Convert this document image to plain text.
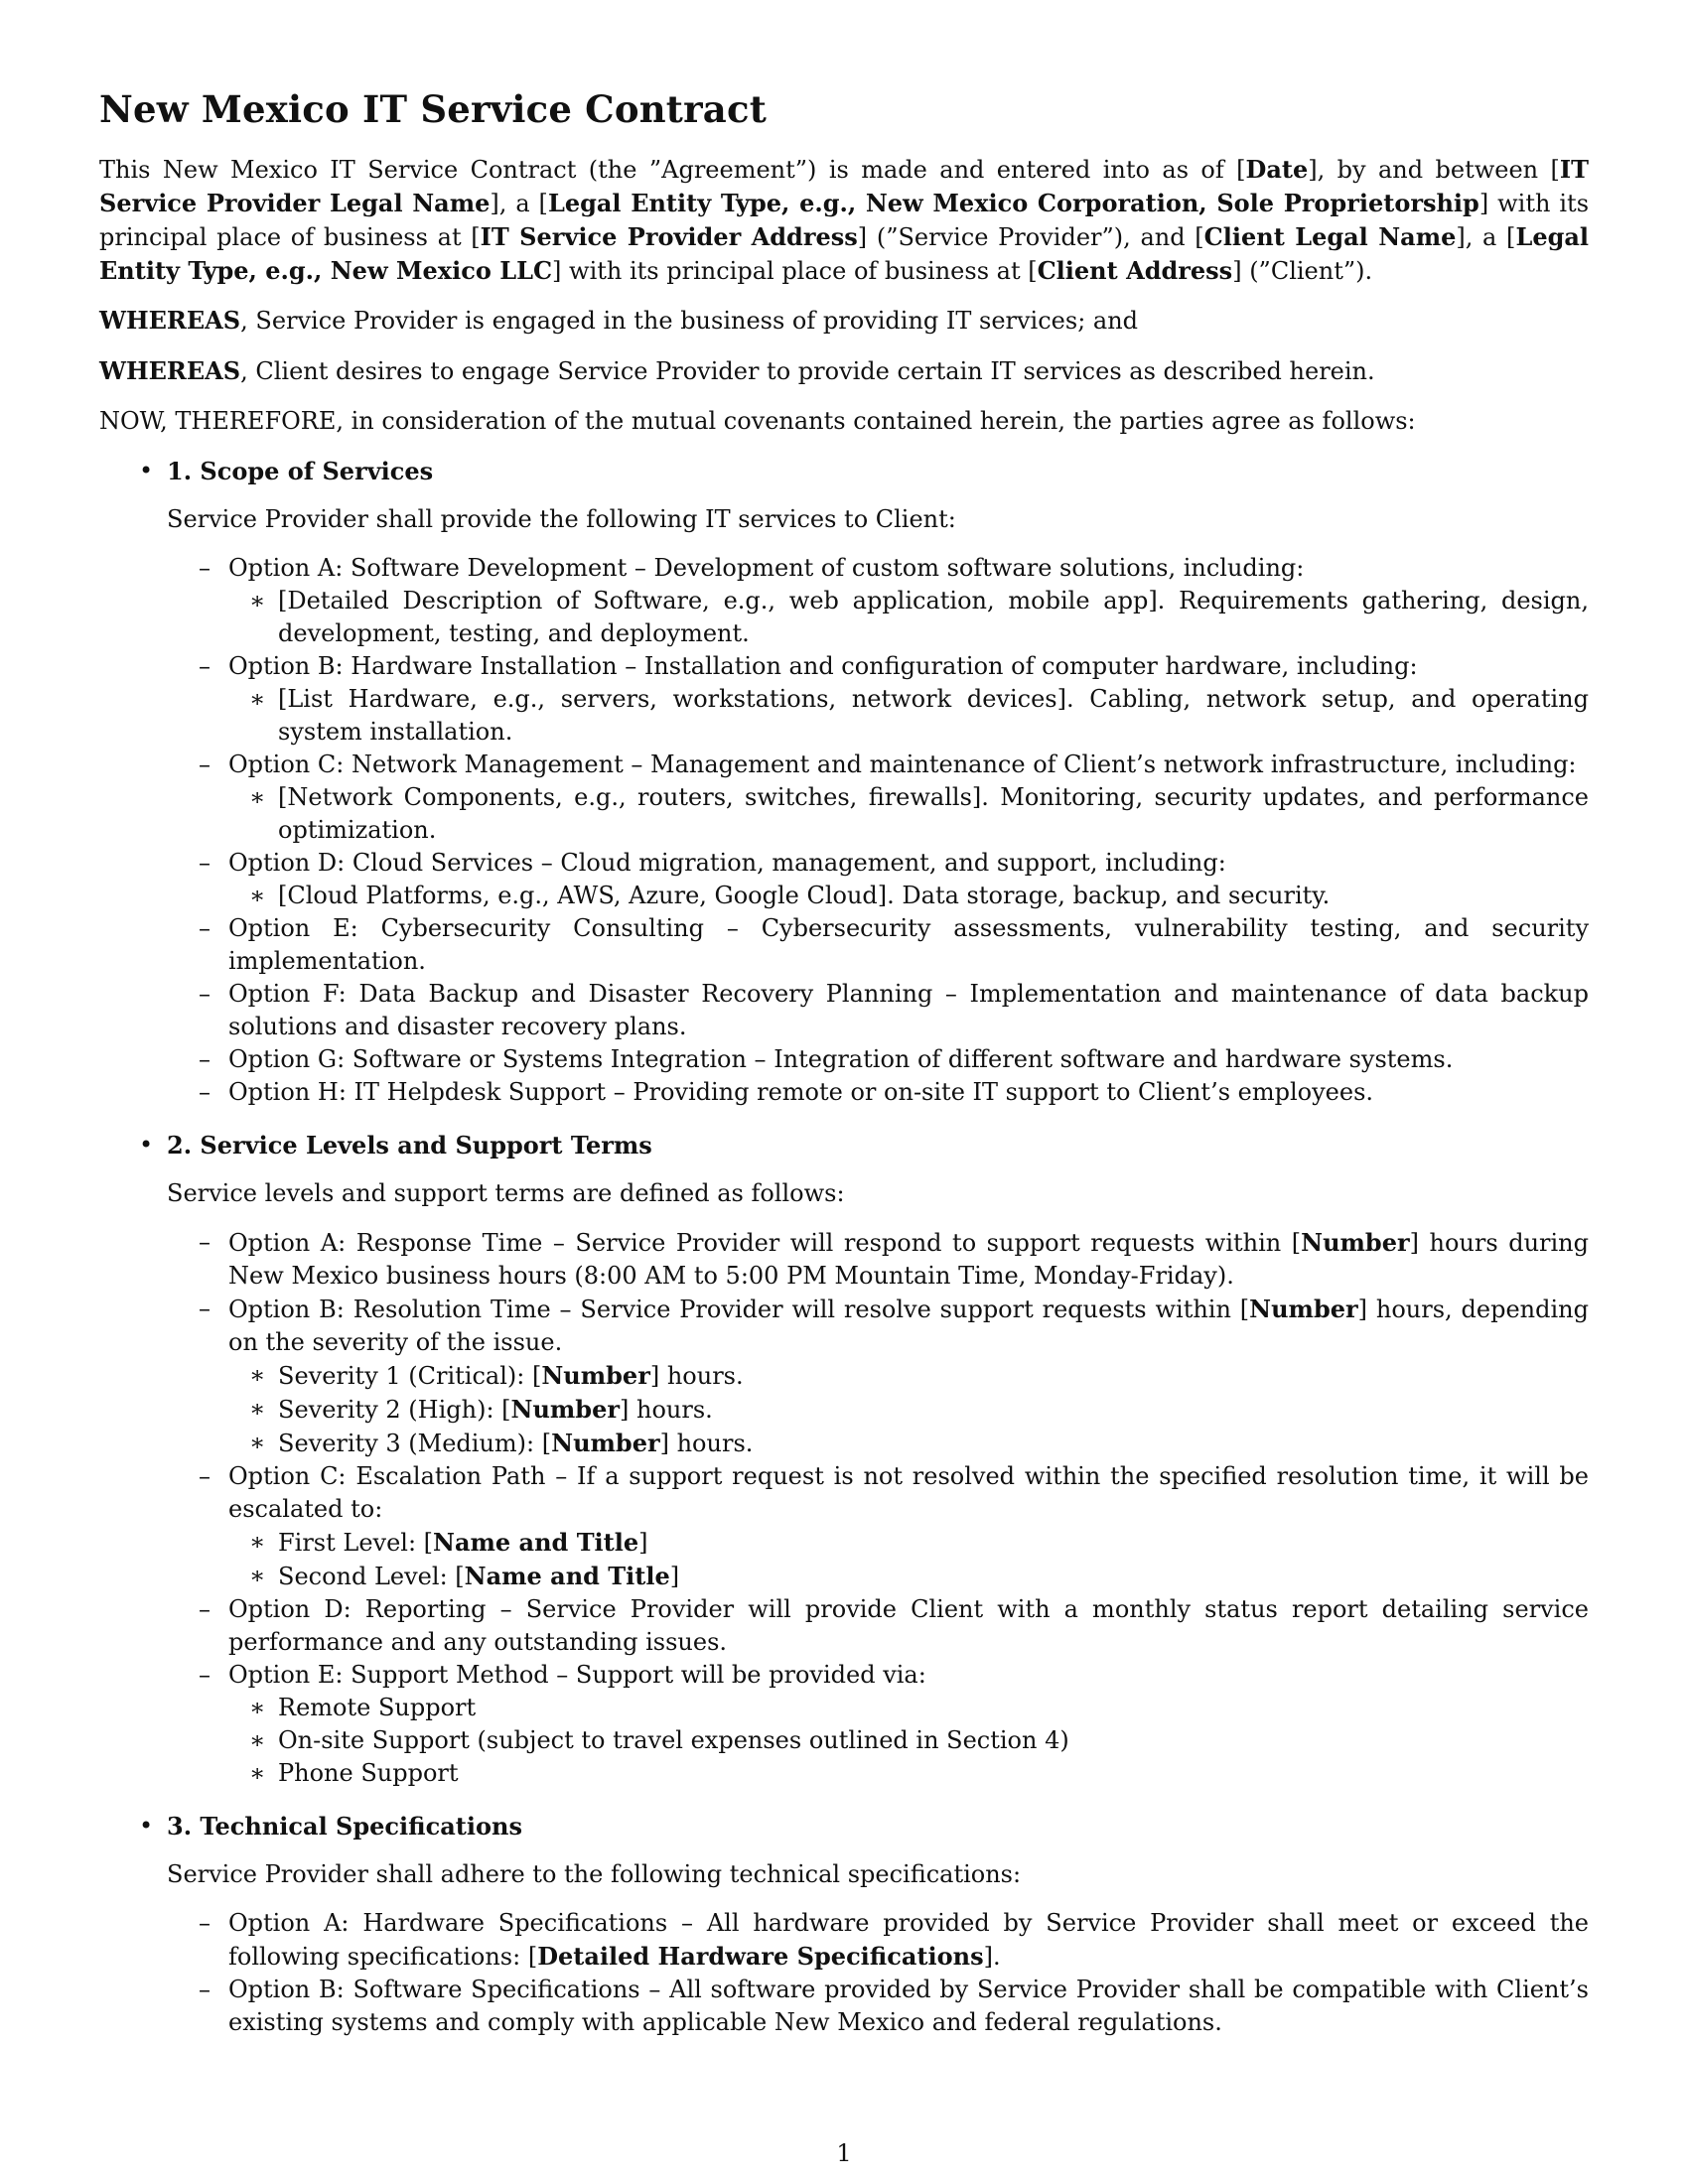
New Mexico IT Service Contract

This New Mexico IT Service Contract (the ”Agreement”) is made and entered into as of [Date], by and between [IT Service Provider Legal Name], a [Legal Entity Type, e.g., New Mexico Corporation, Sole Proprietorship] with its principal place of business at [IT Service Provider Address] (”Service Provider”), and [Client Legal Name], a [Legal Entity Type, e.g., New Mexico LLC] with its principal place of business at [Client Address] (”Client”).

WHEREAS, Service Provider is engaged in the business of providing IT services; and

WHEREAS, Client desires to engage Service Provider to provide certain IT services as described herein.

NOW, THEREFORE, in consideration of the mutual covenants contained herein, the parties agree as follows:

• 1. Scope of Services
Service Provider shall provide the following IT services to Client:
– Option A: Software Development – Development of custom software solutions, including:
∗ [Detailed Description of Software, e.g., web application, mobile app]. Requirements gathering, design, development, testing, and deployment.
– Option B: Hardware Installation – Installation and configuration of computer hardware, including:
∗ [List Hardware, e.g., servers, workstations, network devices]. Cabling, network setup, and operating system installation.
– Option C: Network Management – Management and maintenance of Client’s network infrastructure, including:
∗ [Network Components, e.g., routers, switches, firewalls]. Monitoring, security updates, and performance optimization.
– Option D: Cloud Services – Cloud migration, management, and support, including:
∗ [Cloud Platforms, e.g., AWS, Azure, Google Cloud]. Data storage, backup, and security.
– Option E: Cybersecurity Consulting – Cybersecurity assessments, vulnerability testing, and security implementation.
– Option F: Data Backup and Disaster Recovery Planning – Implementation and maintenance of data backup solutions and disaster recovery plans.
– Option G: Software or Systems Integration – Integration of different software and hardware systems.
– Option H: IT Helpdesk Support – Providing remote or on-site IT support to Client’s employees.
• 2. Service Levels and Support Terms
Service levels and support terms are defined as follows:
– Option A: Response Time – Service Provider will respond to support requests within [Number] hours during New Mexico business hours (8:00 AM to 5:00 PM Mountain Time, Monday-Friday).
– Option B: Resolution Time – Service Provider will resolve support requests within [Number] hours, depending on the severity of the issue.
∗ Severity 1 (Critical): [Number] hours.
∗ Severity 2 (High): [Number] hours.
∗ Severity 3 (Medium): [Number] hours.
– Option C: Escalation Path – If a support request is not resolved within the specified resolution time, it will be escalated to:
∗ First Level: [Name and Title]
∗ Second Level: [Name and Title]
– Option D: Reporting – Service Provider will provide Client with a monthly status report detailing service performance and any outstanding issues.
– Option E: Support Method – Support will be provided via:
∗ Remote Support
∗ On-site Support (subject to travel expenses outlined in Section 4)
∗ Phone Support
• 3. Technical Specifications
Service Provider shall adhere to the following technical specifications:
– Option A: Hardware Specifications – All hardware provided by Service Provider shall meet or exceed the following specifications: [Detailed Hardware Specifications].
– Option B: Software Specifications – All software provided by Service Provider shall be compatible with Client’s existing systems and comply with applicable New Mexico and federal regulations.
1
